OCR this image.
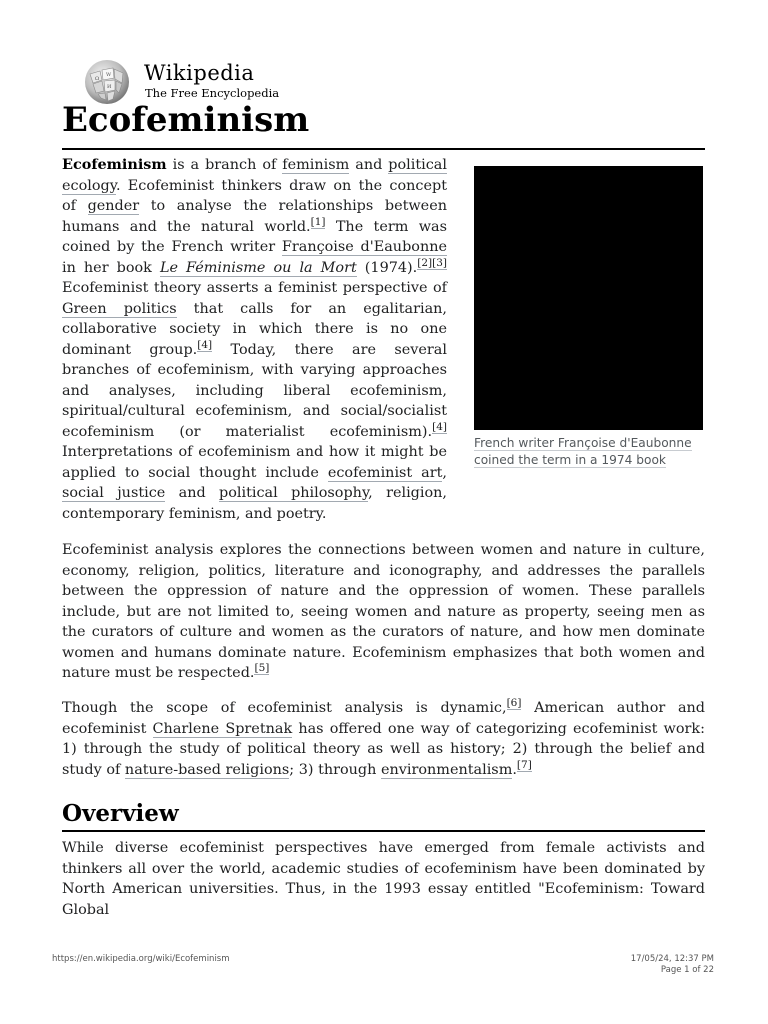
Ω
W
И
Wikipedia
The Free Encyclopedia
Ecofeminism

Ecofeminism is a branch of feminism and political ecology. Ecofeminist thinkers draw on the concept of gender to analyse the relationships between humans and the natural world.[1] The term was coined by the French writer Françoise d'Eaubonne in her book Le Féminisme ou la Mort (1974).[2][3] Ecofeminist theory asserts a feminist perspective of Green politics that calls for an egalitarian, collaborative society in which there is no one dominant group.[4] Today, there are several branches of ecofeminism, with varying approaches and analyses, including liberal ecofeminism, spiritual/cultural ecofeminism, and social/socialist ecofeminism (or materialist ecofeminism).[4] Interpretations of ecofeminism and how it might be applied to social thought include ecofeminist art, social justice and political philosophy, religion, contemporary feminism, and poetry.

French writer Françoise d'Eaubonne
coined the term in a 1974 book

Ecofeminist analysis explores the connections between women and nature in culture, economy, religion, politics, literature and iconography, and addresses the parallels between the oppression of nature and the oppression of women. These parallels include, but are not limited to, seeing women and nature as property, seeing men as the curators of culture and women as the curators of nature, and how men dominate women and humans dominate nature. Ecofeminism emphasizes that both women and nature must be respected.[5]

Though the scope of ecofeminist analysis is dynamic,[6] American author and ecofeminist Charlene Spretnak has offered one way of categorizing ecofeminist work: 1) through the study of political theory as well as history; 2) through the belief and study of nature-based religions; 3) through environmentalism.[7]

Overview

While diverse ecofeminist perspectives have emerged from female activists and thinkers all over the world, academic studies of ecofeminism have been dominated by North American universities. Thus, in the 1993 essay entitled "Ecofeminism: Toward Global

https://en.wikipedia.org/wiki/Ecofeminism	17/05/24, 12:37 PM
Page 1 of 22
